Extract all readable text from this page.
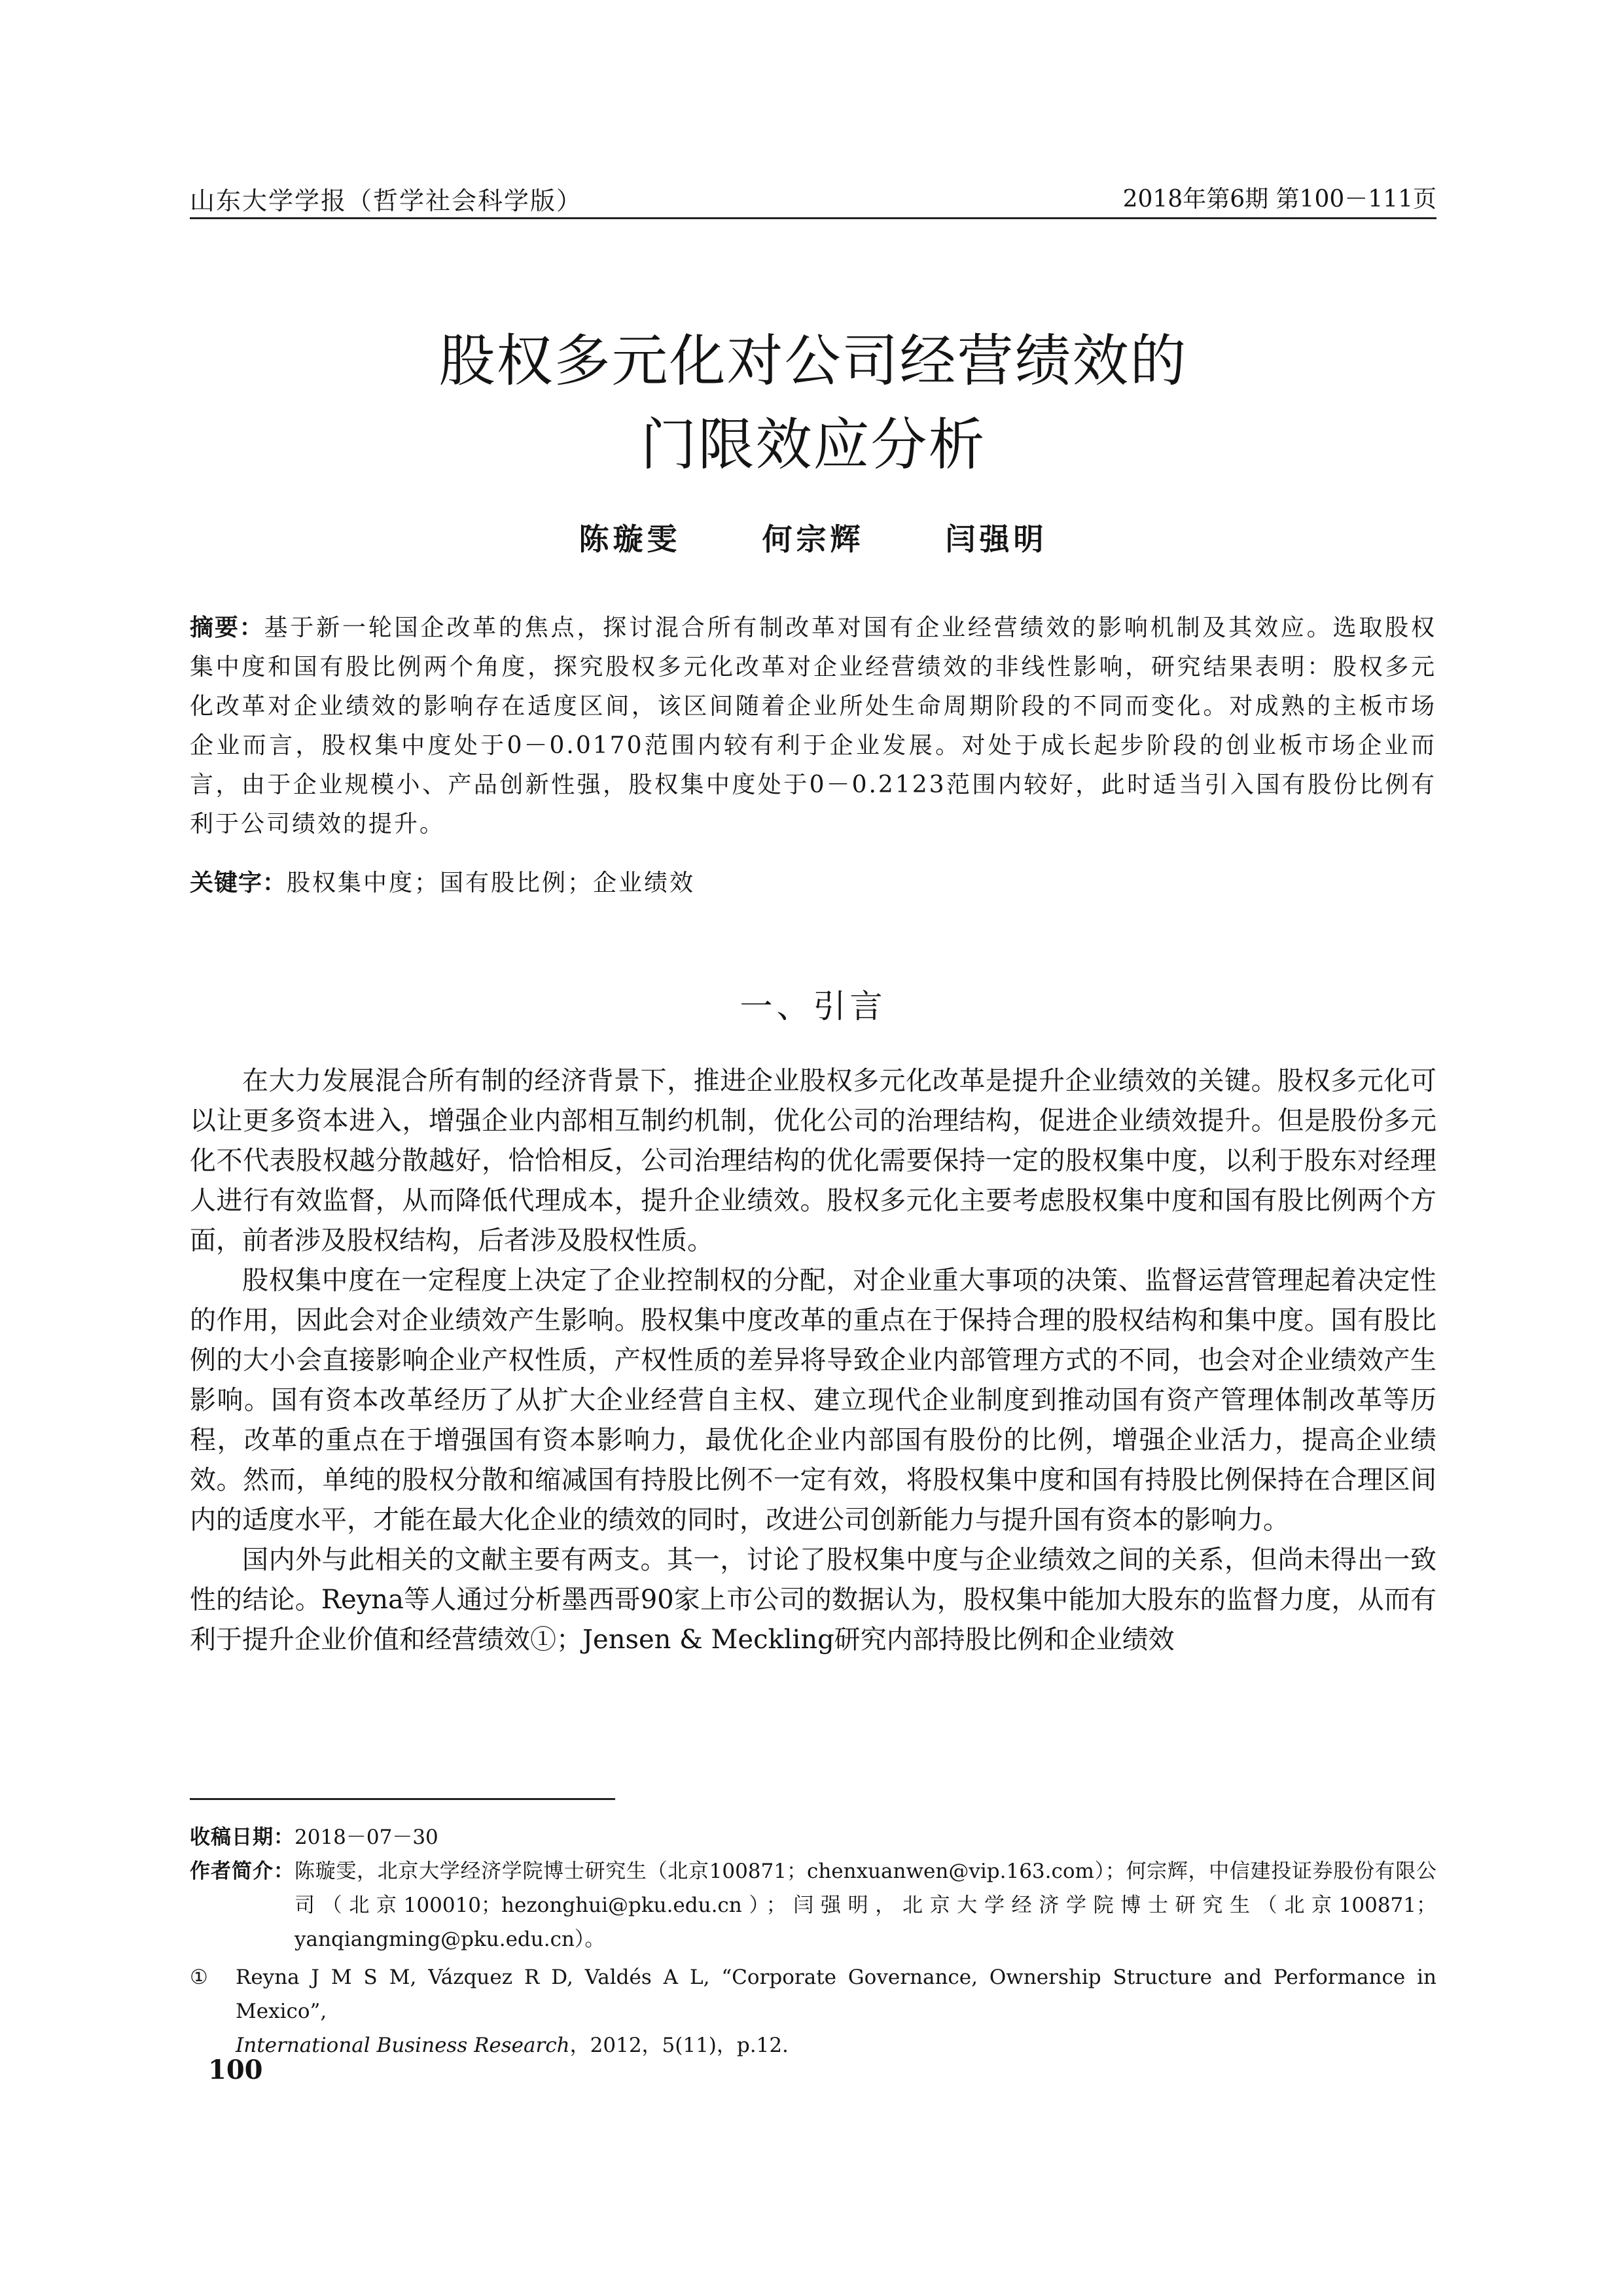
山东大学学报（哲学社会科学版）	2018年第6期 第100－111页
股权多元化对公司经营绩效的
门限效应分析
陈璇雯	何宗辉	闫强明
摘要：基于新一轮国企改革的焦点，探讨混合所有制改革对国有企业经营绩效的影响机制及其效应。选取股权集中度和国有股比例两个角度，探究股权多元化改革对企业经营绩效的非线性影响，研究结果表明：股权多元化改革对企业绩效的影响存在适度区间，该区间随着企业所处生命周期阶段的不同而变化。对成熟的主板市场企业而言，股权集中度处于0－0.0170范围内较有利于企业发展。对处于成长起步阶段的创业板市场企业而言，由于企业规模小、产品创新性强，股权集中度处于0－0.2123范围内较好，此时适当引入国有股份比例有利于公司绩效的提升。
关键字：股权集中度；国有股比例；企业绩效
一、引言

在大力发展混合所有制的经济背景下，推进企业股权多元化改革是提升企业绩效的关键。股权多元化可以让更多资本进入，增强企业内部相互制约机制，优化公司的治理结构，促进企业绩效提升。但是股份多元化不代表股权越分散越好，恰恰相反，公司治理结构的优化需要保持一定的股权集中度，以利于股东对经理人进行有效监督，从而降低代理成本，提升企业绩效。股权多元化主要考虑股权集中度和国有股比例两个方面，前者涉及股权结构，后者涉及股权性质。

股权集中度在一定程度上决定了企业控制权的分配，对企业重大事项的决策、监督运营管理起着决定性的作用，因此会对企业绩效产生影响。股权集中度改革的重点在于保持合理的股权结构和集中度。国有股比例的大小会直接影响企业产权性质，产权性质的差异将导致企业内部管理方式的不同，也会对企业绩效产生影响。国有资本改革经历了从扩大企业经营自主权、建立现代企业制度到推动国有资产管理体制改革等历程，改革的重点在于增强国有资本影响力，最优化企业内部国有股份的比例，增强企业活力，提高企业绩效。然而，单纯的股权分散和缩减国有持股比例不一定有效，将股权集中度和国有持股比例保持在合理区间内的适度水平，才能在最大化企业的绩效的同时，改进公司创新能力与提升国有资本的影响力。

国内外与此相关的文献主要有两支。其一，讨论了股权集中度与企业绩效之间的关系，但尚未得出一致性的结论。Reyna等人通过分析墨西哥90家上市公司的数据认为，股权集中能加大股东的监督力度，从而有利于提升企业价值和经营绩效①；Jensen & Meckling研究内部持股比例和企业绩效

收稿日期： 2018－07－30
作者简介： 陈璇雯，北京大学经济学院博士研究生（北京100871；chenxuanwen@vip.163.com）；何宗辉，中信建投证券股份有限公司（北京100010；hezonghui@pku.edu.cn）；闫强明，北京大学经济学院博士研究生（北京100871；yanqiangming@pku.edu.cn）。
①	Reyna J M S M, Vázquez R D, Valdés A L, “Corporate Governance, Ownership Structure and Performance in Mexico”,
International Business Research，2012，5(11)，p.12.
100
